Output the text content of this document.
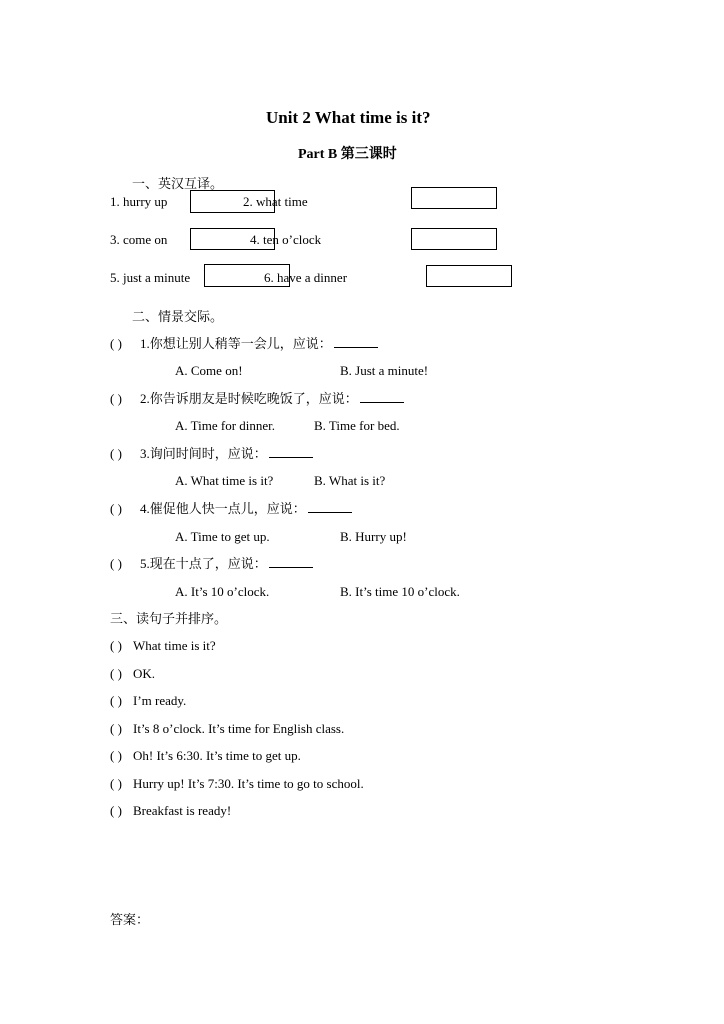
Unit 2 What time is it?
Part B 第三课时
一、英汉互译。
1. hurry up	2. what time
3. come on	4. ten o’clock
5. just a minute	6. have a dinner
二、情景交际。
( ) 1.你想让别人稍等一会儿，应说：
A. Come on!	B. Just a minute!
( ) 2.你告诉朋友是时候吃晚饭了，应说：
A. Time for dinner.	B. Time for bed.
( ) 3.询问时间时，应说：
A. What time is it?	B. What is it?
( ) 4.催促他人快一点儿，应说：
A. Time to get up.	B. Hurry up!
( ) 5.现在十点了，应说：
A. It’s 10 o’clock.	B. It’s time 10 o’clock.
三、读句子并排序。
( ) What time is it?
( ) OK.
( ) I’m ready.
( ) It’s 8 o’clock. It’s time for English class.
( ) Oh! It’s 6:30. It’s time to get up.
( ) Hurry up! It’s 7:30. It’s time to go to school.
( ) Breakfast is ready!
答案：
